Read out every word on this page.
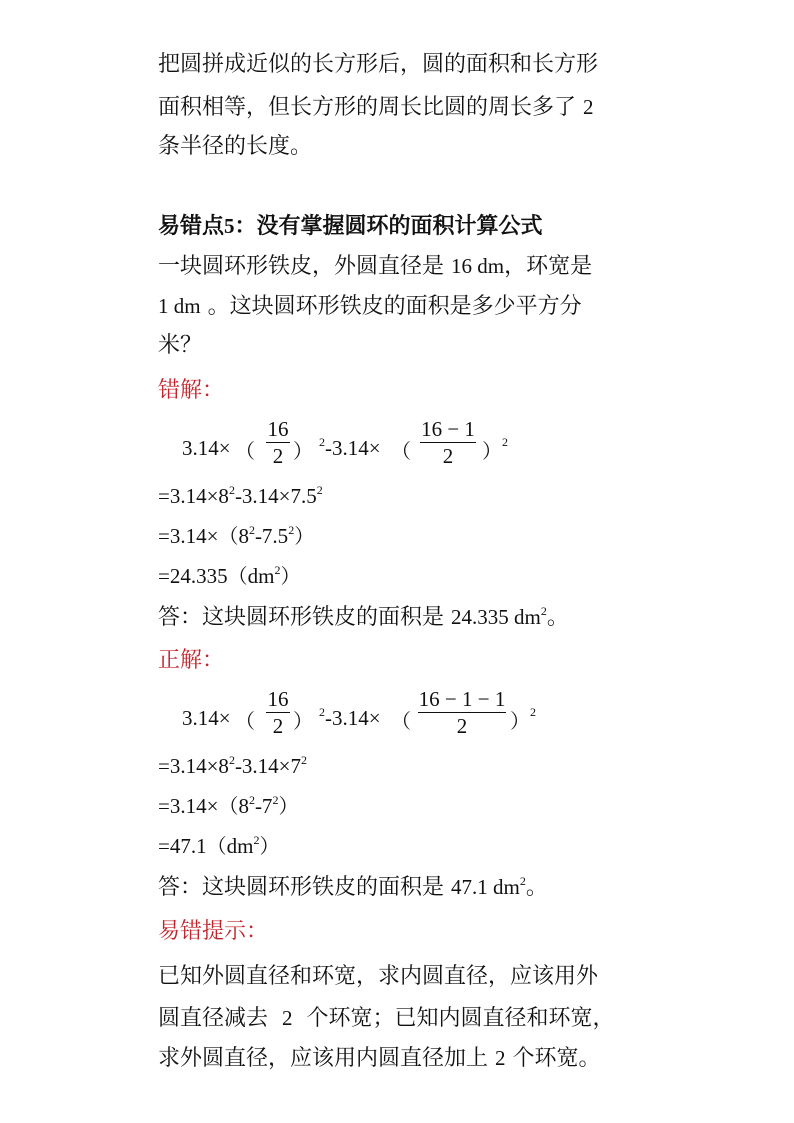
把圆拼成近似的长方形后，圆的面积和长方形
面积相等，但长方形的周长比圆的周长多了 2
条半径的长度。
易错点5：没有掌握圆环的面积计算公式
一块圆环形铁皮，外圆直径是 16 dm，环宽是
1 dm 。这块圆环形铁皮的面积是多少平方分
米？
错解：
3.14× （
16
2 ） $^2$-3.14× （
16 − 1
2	） $^2$
$=3.14\times 8^2-3.14\times 7.5^2$
$=3.14\times(8^2-7.5^2)$
$=24.335(dm^2)$
答：这块圆环形铁皮的面积是 24.335 $dm^2$。
正解：
3.14× （
16
2 ） $^2$-3.14× （
16 − 1 − 1
2	） $^2$
$=3.14\times 8^2-3.14\times 7^2$
$=3.14\times(8^2-7^2)$
$=47.1(dm^2)$
答：这块圆环形铁皮的面积是 47.1 $dm^2$。
易错提示：
已知外圆直径和环宽，求内圆直径，应该用外
圆直径减去 2 个环宽；已知内圆直径和环宽，
求外圆直径，应该用内圆直径加上 2 个环宽。
